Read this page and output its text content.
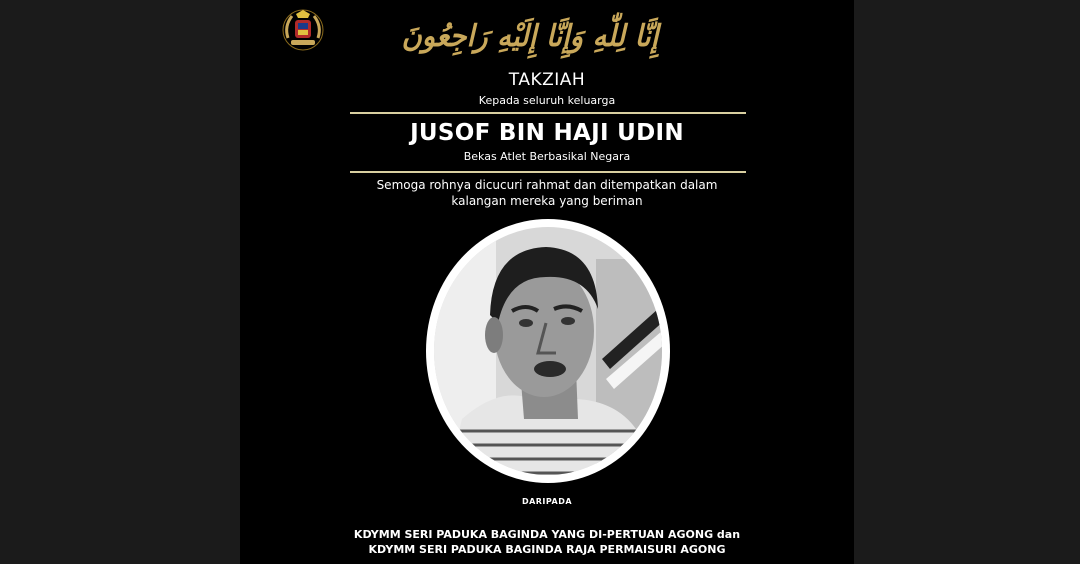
إِنَّا لِلّٰهِ وَإِنَّا إِلَيْهِ رَاجِعُونَ
TAKZIAH
Kepada seluruh keluarga
JUSOF BIN HAJI UDIN
Bekas Atlet Berbasikal Negara
Semoga rohnya dicucuri rahmat dan ditempatkan dalam
kalangan mereka yang beriman
DARIPADA
KDYMM SERI PADUKA BAGINDA YANG DI-PERTUAN AGONG dan
KDYMM SERI PADUKA BAGINDA RAJA PERMAISURI AGONG
